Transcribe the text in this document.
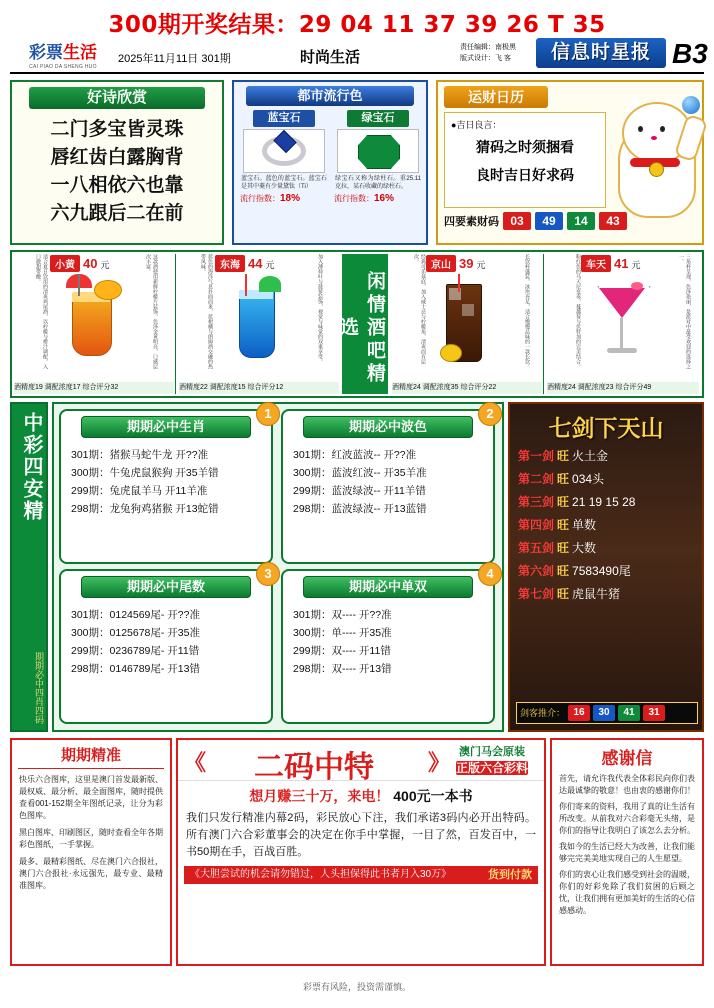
300期开奖结果：29 04 11 37 39 26 T 35
彩票生活
CAI PIAO DA SHENG HUO
2025年11月11日 301期	时尚生活
责任编辑：南极黑
版式设计：飞 客	信息时星报 B3
好诗欣赏
二门多宝皆灵珠
唇红齿白露胸背
一八相依六也靠
六九跟后二在前
都市流行色
蓝宝石
蓝宝石。蓝色的蓝宝石。蓝宝石是其中菱有少量黛钛（Ti）
流行指数：18%
绿宝石
绿宝石又称为绿柱石。重25.11克拉，某石收藏的绿柱石。
流行指数：16%
运财日历
●吉日良言：
猜码之时须捆看
良时吉日好求码
四要素财码 03	49	14	43
适合夏日饮用的清爽鸡尾酒，以柠檬与橙汁调配，入口微甜带酸。	小黄 40 元	这款酒使用新鲜柠檬片装饰，色泽金黄明亮，口感层次丰富。
酒精度19 调配浓度17 综合评分32
蓝色的海洋气息扑面而来，蓝柑橘与朗姆酒交融的热带风味。	东海 44 元	加入薄荷叶与菠萝装饰，视觉与味觉的双重享受。
酒精度22 调配浓度15 综合评分12
闲情酒吧精选	经典可乐基底，加入威士忌与柠檬角，清爽而有层次。
京山 39 元	长饮杯盛装，冰块充足，适合慢慢品味的一款长饮。
酒精度24 调配浓度35 综合评分22
粉红色的马天尼变奏，蔓越莓与伏特加的完美结合。 车天 41 元	三角杯呈现，色泽艳丽，是派对中最受欢迎的选择之一。
酒精度24 调配浓度23 综合评分49
中彩四安精
期期必中四肖四码
1
期期必中生肖
301期：猪猴马蛇牛龙 开??准
300期：牛兔虎鼠猴狗 开35羊错
299期：兔虎鼠羊马 开11羊准
298期：龙兔狗鸡猪猴 开13蛇错
2
期期必中波色
301期：红波蓝波-- 开??准
300期：蓝波红波-- 开35羊准
299期：蓝波绿波-- 开11羊错
298期：蓝波绿波-- 开13蓝错
3
期期必中尾数
301期：0124569尾- 开??准
300期：0125678尾- 开35准
299期：0236789尾- 开11错
298期：0146789尾- 开13错
4
期期必中单双
301期：双---- 开??准
300期：单---- 开35准
299期：双---- 开11错
298期：双---- 开13错
七剑下天山
第一剑 旺 火土金
第二剑 旺 034头
第三剑 旺 21 19 15 28
第四剑 旺 单数
第五剑 旺 大数
第六剑 旺 7583490尾
第七剑 旺 虎鼠牛猪
剑客推介： 16	30	41	31
期期精准

快乐六合图库，这里是澳门首发最新版、最权威、最分析、最全面图库，随时提供查看001-152期全年图纸记录，让分为彩色图库。

黑白图库、印刷图区，随时查看全年各期彩色图纸，一手掌握。

最多、最精彩图纸、尽在澳门六合报社，澳门六合报社·永远强先，最专业、最精准图库。

《 二码中特 》 澳门马会原装
正版六合彩料
想月赚三十万，来电！ 400元一本书
我们只发行精准内幕2码，彩民放心下注，我们承诺3码内必开出特码。所有澳门六合彩董事会的决定在你手中掌握，一目了然，百发百中，一书50期在手，百战百胜。
《大胆尝试的机会请勿错过，人头担保得此书者月入30万》	货到付款
感谢信

首先，请允许我代表全体彩民向你们表达最诚挚的敬意！也由衷的感谢你们！

你们寄来的资料，我用了真的让生活有所改变。从前我对六合彩毫无头绪，是你们的指导让我明白了该怎么去分析。

我如今的生活已经大为改善，让我们能够完完美美地实现自己的人生愿望。

你们的衷心让我们感受到社会的温暖，你们的好彩免除了我们贫困的后顾之忧，让我们拥有更加美好的生活的心信感感动。

彩票有风险，投资需谨慎。
